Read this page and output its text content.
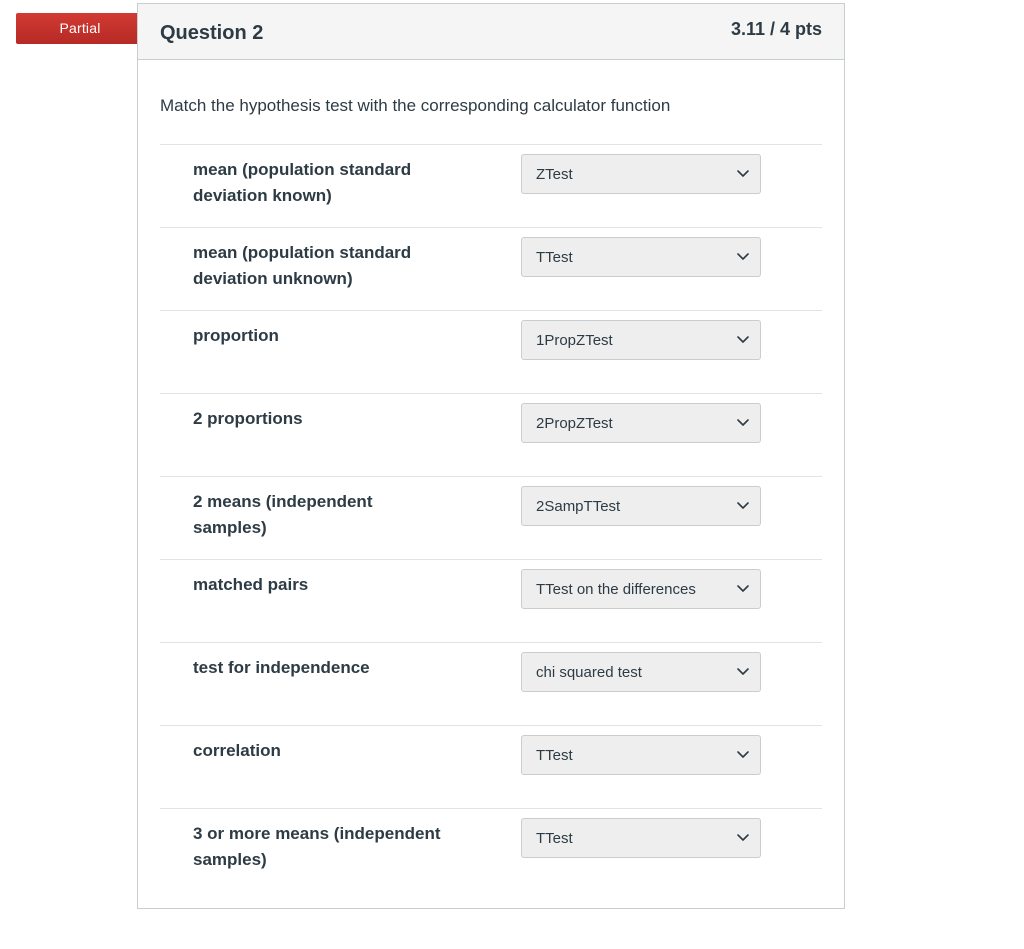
Partial	Question 2	3.11 / 4 pts

Match the hypothesis test with the corresponding calculator function

mean (population standard deviation known)
ZTest
mean (population standard deviation unknown)
TTest
proportion	1PropZTest
2 proportions	2PropZTest
2 means (independent samples)
2SampTTest
matched pairs	TTest on the differences
test for independence	chi squared test
correlation	TTest
3 or more means (independent samples)
TTest
